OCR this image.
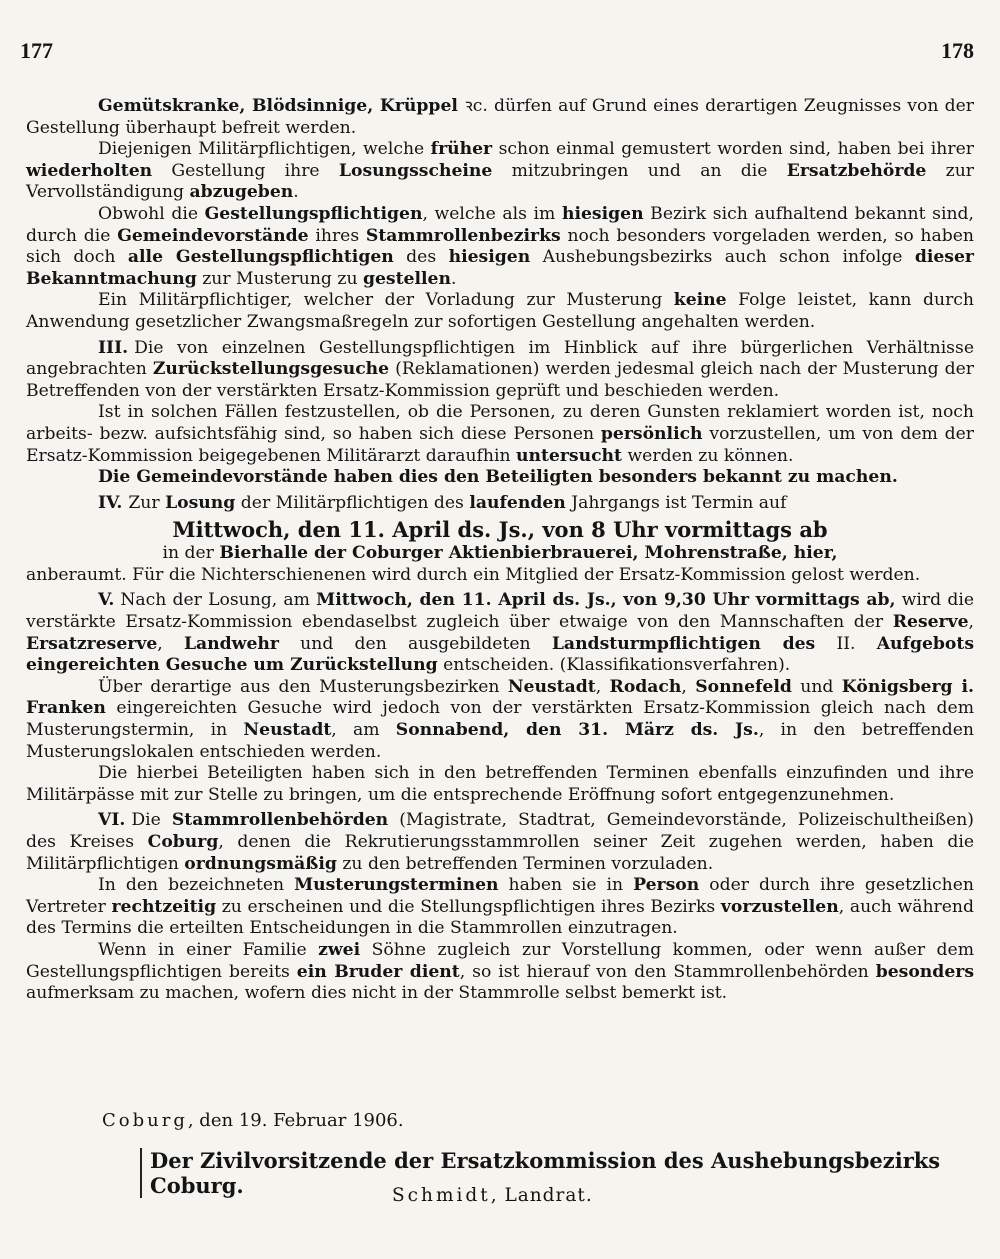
177	178

Gemütskranke, Blödsinnige, Krüppel ꝛc. dürfen auf Grund eines derartigen Zeugnisses von der Gestellung überhaupt befreit werden.

Diejenigen Militärpflichtigen, welche früher schon einmal gemustert worden sind, haben bei ihrer wiederholten Gestellung ihre Losungsscheine mitzubringen und an die Ersatzbehörde zur Vervollständigung abzugeben.

Obwohl die Gestellungspflichtigen, welche als im hiesigen Bezirk sich aufhaltend bekannt sind, durch die Gemeindevorstände ihres Stammrollenbezirks noch besonders vorgeladen werden, so haben sich doch alle Gestellungspflichtigen des hiesigen Aushebungsbezirks auch schon infolge dieser Bekanntmachung zur Musterung zu gestellen.

Ein Militärpflichtiger, welcher der Vorladung zur Musterung keine Folge leistet, kann durch Anwendung gesetzlicher Zwangsmaßregeln zur sofortigen Gestellung angehalten werden.

III. Die von einzelnen Gestellungspflichtigen im Hinblick auf ihre bürgerlichen Verhältnisse angebrachten Zurückstellungsgesuche (Reklamationen) werden jedesmal gleich nach der Musterung der Betreffenden von der verstärkten Ersatz-Kommission geprüft und beschieden werden.

Ist in solchen Fällen festzustellen, ob die Personen, zu deren Gunsten reklamiert worden ist, noch arbeits- bezw. aufsichtsfähig sind, so haben sich diese Personen persönlich vorzustellen, um von dem der Ersatz-Kommission beigegebenen Militärarzt daraufhin untersucht werden zu können.

Die Gemeindevorstände haben dies den Beteiligten besonders bekannt zu machen.

IV. Zur Losung der Militärpflichtigen des laufenden Jahrgangs ist Termin auf

Mittwoch, den 11. April ds. Js., von 8 Uhr vormittags ab

in der Bierhalle der Coburger Aktienbierbrauerei, Mohrenstraße, hier,

anberaumt. Für die Nichterschienenen wird durch ein Mitglied der Ersatz-Kommission gelost werden.

V. Nach der Losung, am Mittwoch, den 11. April ds. Js., von 9,30 Uhr vormittags ab, wird die verstärkte Ersatz-Kommission ebendaselbst zugleich über etwaige von den Mannschaften der Reserve, Ersatzreserve, Landwehr und den ausgebildeten Landsturmpflichtigen des II. Aufgebots eingereichten Gesuche um Zurückstellung entscheiden. (Klassifikationsverfahren).

Über derartige aus den Musterungsbezirken Neustadt, Rodach, Sonnefeld und Königsberg i. Franken eingereichten Gesuche wird jedoch von der verstärkten Ersatz-Kommission gleich nach dem Musterungstermin, in Neustadt, am Sonnabend, den 31. März ds. Js., in den betreffenden Musterungslokalen entschieden werden.

Die hierbei Beteiligten haben sich in den betreffenden Terminen ebenfalls einzufinden und ihre Militärpässe mit zur Stelle zu bringen, um die entsprechende Eröffnung sofort entgegenzunehmen.

VI. Die Stammrollenbehörden (Magistrate, Stadtrat, Gemeindevorstände, Polizeischultheißen) des Kreises Coburg, denen die Rekrutierungsstammrollen seiner Zeit zugehen werden, haben die Militärpflichtigen ordnungsmäßig zu den betreffenden Terminen vorzuladen.

In den bezeichneten Musterungsterminen haben sie in Person oder durch ihre gesetzlichen Vertreter rechtzeitig zu erscheinen und die Stellungspflichtigen ihres Bezirks vorzustellen, auch während des Termins die erteilten Entscheidungen in die Stammrollen einzutragen.

Wenn in einer Familie zwei Söhne zugleich zur Vorstellung kommen, oder wenn außer dem Gestellungspflichtigen bereits ein Bruder dient, so ist hierauf von den Stammrollenbehörden besonders aufmerksam zu machen, wofern dies nicht in der Stammrolle selbst bemerkt ist.

Coburg, den 19. Februar 1906.
Der Zivilvorsitzende der Ersatzkommission des Aushebungsbezirks Coburg.	Schmidt, Landrat.
